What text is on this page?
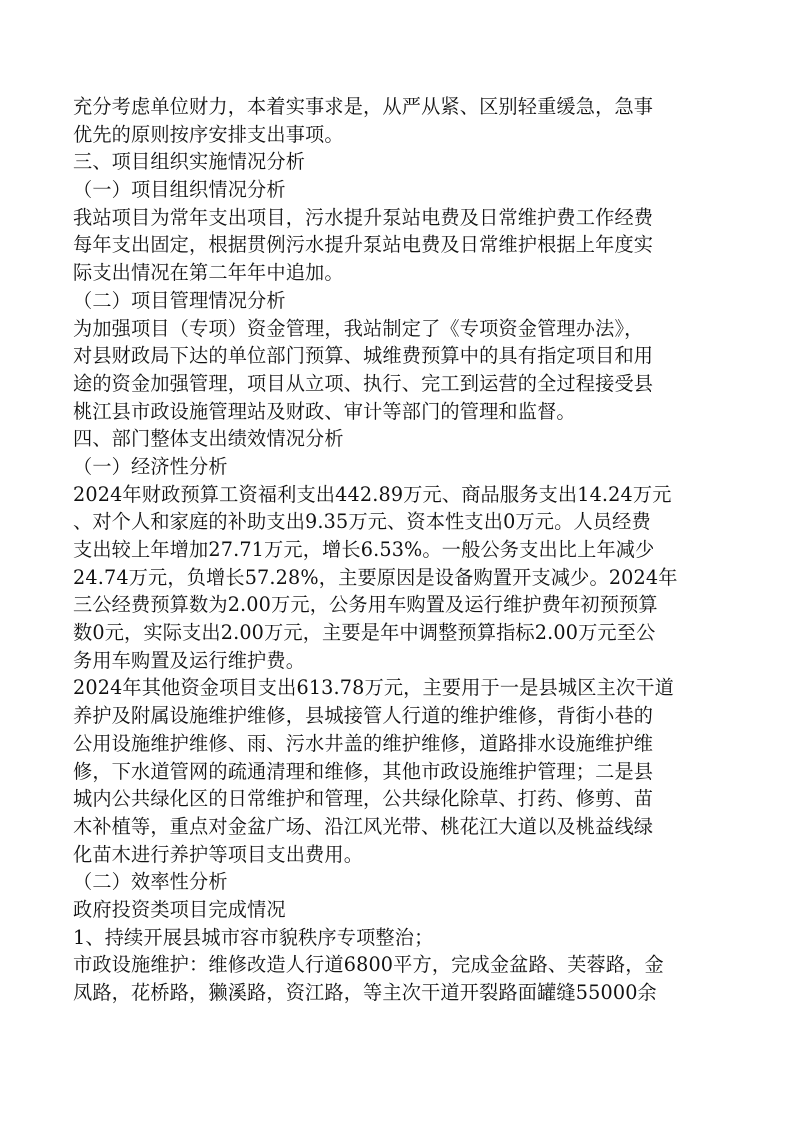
充分考虑单位财力，本着实事求是，从严从紧、区别轻重缓急，急事
优先的原则按序安排支出事项。
三、项目组织实施情况分析
（一）项目组织情况分析
我站项目为常年支出项目，污水提升泵站电费及日常维护费工作经费
每年支出固定，根据贯例污水提升泵站电费及日常维护根据上年度实
际支出情况在第二年年中追加。
（二）项目管理情况分析
为加强项目（专项）资金管理，我站制定了《专项资金管理办法》，
对县财政局下达的单位部门预算、城维费预算中的具有指定项目和用
途的资金加强管理，项目从立项、执行、完工到运营的全过程接受县
桃江县市政设施管理站及财政、审计等部门的管理和监督。
四、部门整体支出绩效情况分析
（一）经济性分析
2024年财政预算工资福利支出442.89万元、商品服务支出14.24万元
、对个人和家庭的补助支出9.35万元、资本性支出0万元。人员经费
支出较上年增加27.71万元，增长6.53%。一般公务支出比上年减少
24.74万元，负增长57.28%，主要原因是设备购置开支减少。2024年
三公经费预算数为2.00万元，公务用车购置及运行维护费年初预预算
数0元，实际支出2.00万元，主要是年中调整预算指标2.00万元至公
务用车购置及运行维护费。
2024年其他资金项目支出613.78万元，主要用于一是县城区主次干道
养护及附属设施维护维修，县城接管人行道的维护维修，背街小巷的
公用设施维护维修、雨、污水井盖的维护维修，道路排水设施维护维
修，下水道管网的疏通清理和维修，其他市政设施维护管理；二是县
城内公共绿化区的日常维护和管理，公共绿化除草、打药、修剪、苗
木补植等，重点对金盆广场、沿江风光带、桃花江大道以及桃益线绿
化苗木进行养护等项目支出费用。
（二）效率性分析
政府投资类项目完成情况
1、持续开展县城市容市貌秩序专项整治；
市政设施维护：维修改造人行道6800平方，完成金盆路、芙蓉路，金
凤路，花桥路，獭溪路，资江路，等主次干道开裂路面罐缝55000余
